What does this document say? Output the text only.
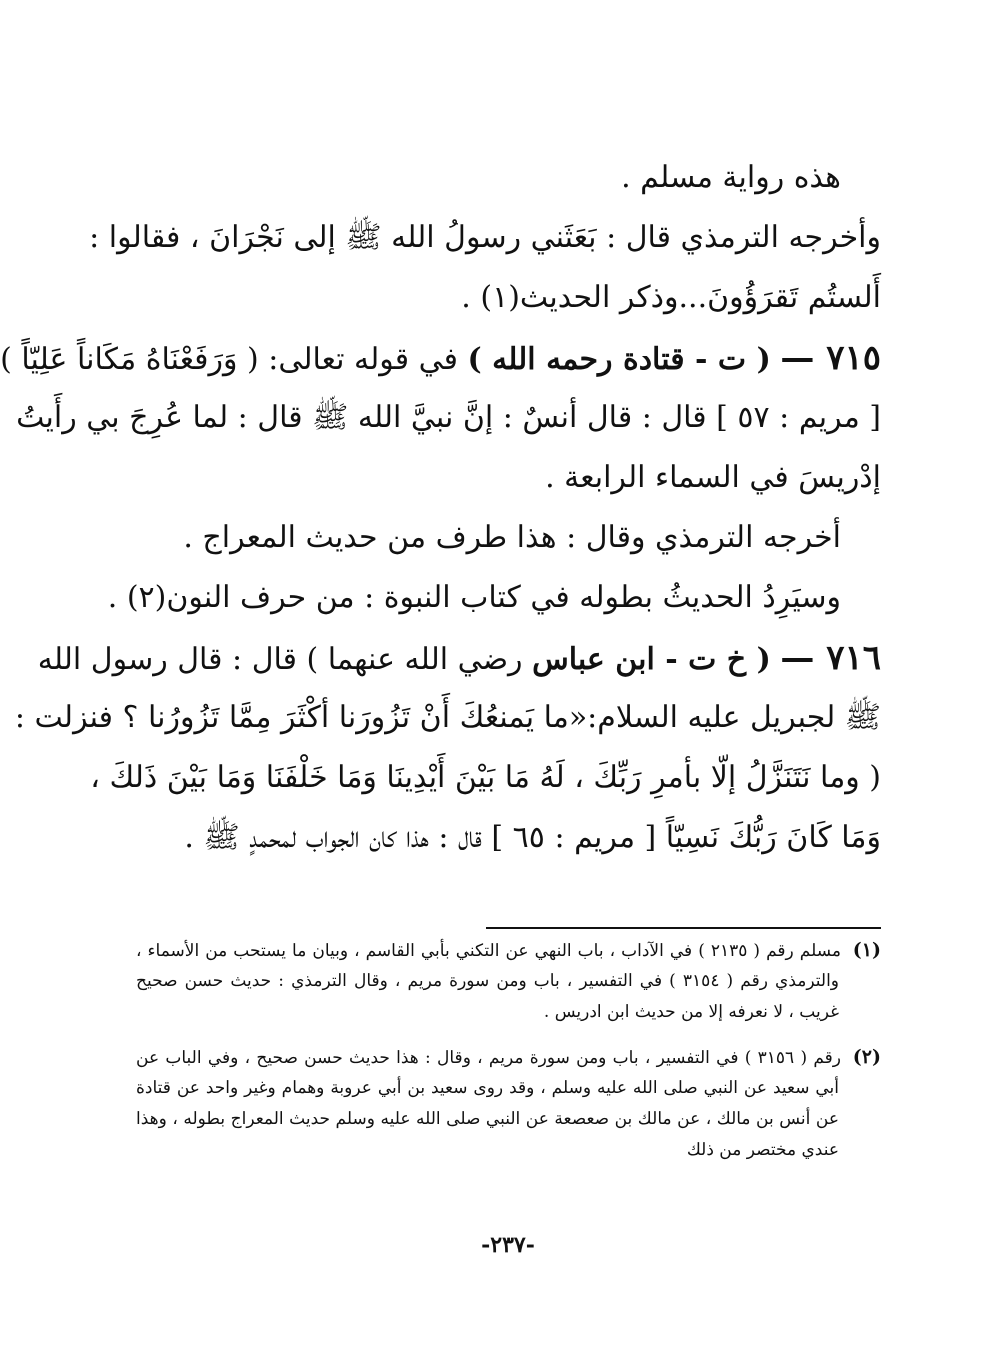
هذه رواية مسلم .
وأخرجه الترمذي قال : بَعَثَني رسولُ الله ﷺ إلى نَجْرَانَ ، فقالوا :
أَلستُم تَقرَؤُونَ...وذكر الحديث(١) .
٧١٥ — ( ت - قتادة رحمه الله ) في قوله تعالى: ( وَرَفَعْنَاهُ مَكَاناً عَلِيّاً )
[ مريم : ٥٧ ] قال : قال أنسٌ : إنَّ نبيَّ الله ﷺ قال : لما عُرِجَ بي رأَيتُ
إدْريسَ في السماء الرابعة .
أخرجه الترمذي وقال : هذا طرف من حديث المعراج .
وسيَرِدُ الحديثُ بطوله في كتاب النبوة : من حرف النون(٢) .
٧١٦ — ( خ ت - ابن عباس رضي الله عنهما ) قال : قال رسول الله
ﷺ لجبريل عليه السلام:«ما يَمنعُكَ أَنْ تَزُورَنا أكْثَرَ مِمَّا تَزُورُنا ؟ فنزلت :
( وما نَتَنَزَّلُ إلّا بأمرِ رَبِّكَ ، لَهُ مَا بَيْنَ أَيْدِينَا وَمَا خَلْفَنَا وَمَا بَيْنَ ذَلكَ ،
وَمَا كَانَ رَبُّكَ نَسِيّاً [ مريم : ٦٥ ] قال : هذا كان الجواب لمحمدٍ ﷺ .
(١)مسلم رقم ( ٢١٣٥ ) في الآداب ، باب النهي عن التكني بأبي القاسم ، وبيان ما يستحب من الأسماء ،
والترمذي رقم ( ٣١٥٤ ) في التفسير ، باب ومن سورة مريم ، وقال الترمذي : حديث حسن صحيح
غريب ، لا نعرفه إلا من حديث ابن ادريس .
(٢)رقم ( ٣١٥٦ ) في التفسير ، باب ومن سورة مريم ، وقال : هذا حديث حسن صحيح ، وفي الباب عن
أبي سعيد عن النبي صلى الله عليه وسلم ، وقد روى سعيد بن أبي عروبة وهمام وغير واحد عن قتادة
عن أنس بن مالك ، عن مالك بن صعصعة عن النبي صلى الله عليه وسلم حديث المعراج بطوله ، وهذا
عندي مختصر من ذلك
-٢٣٧-
